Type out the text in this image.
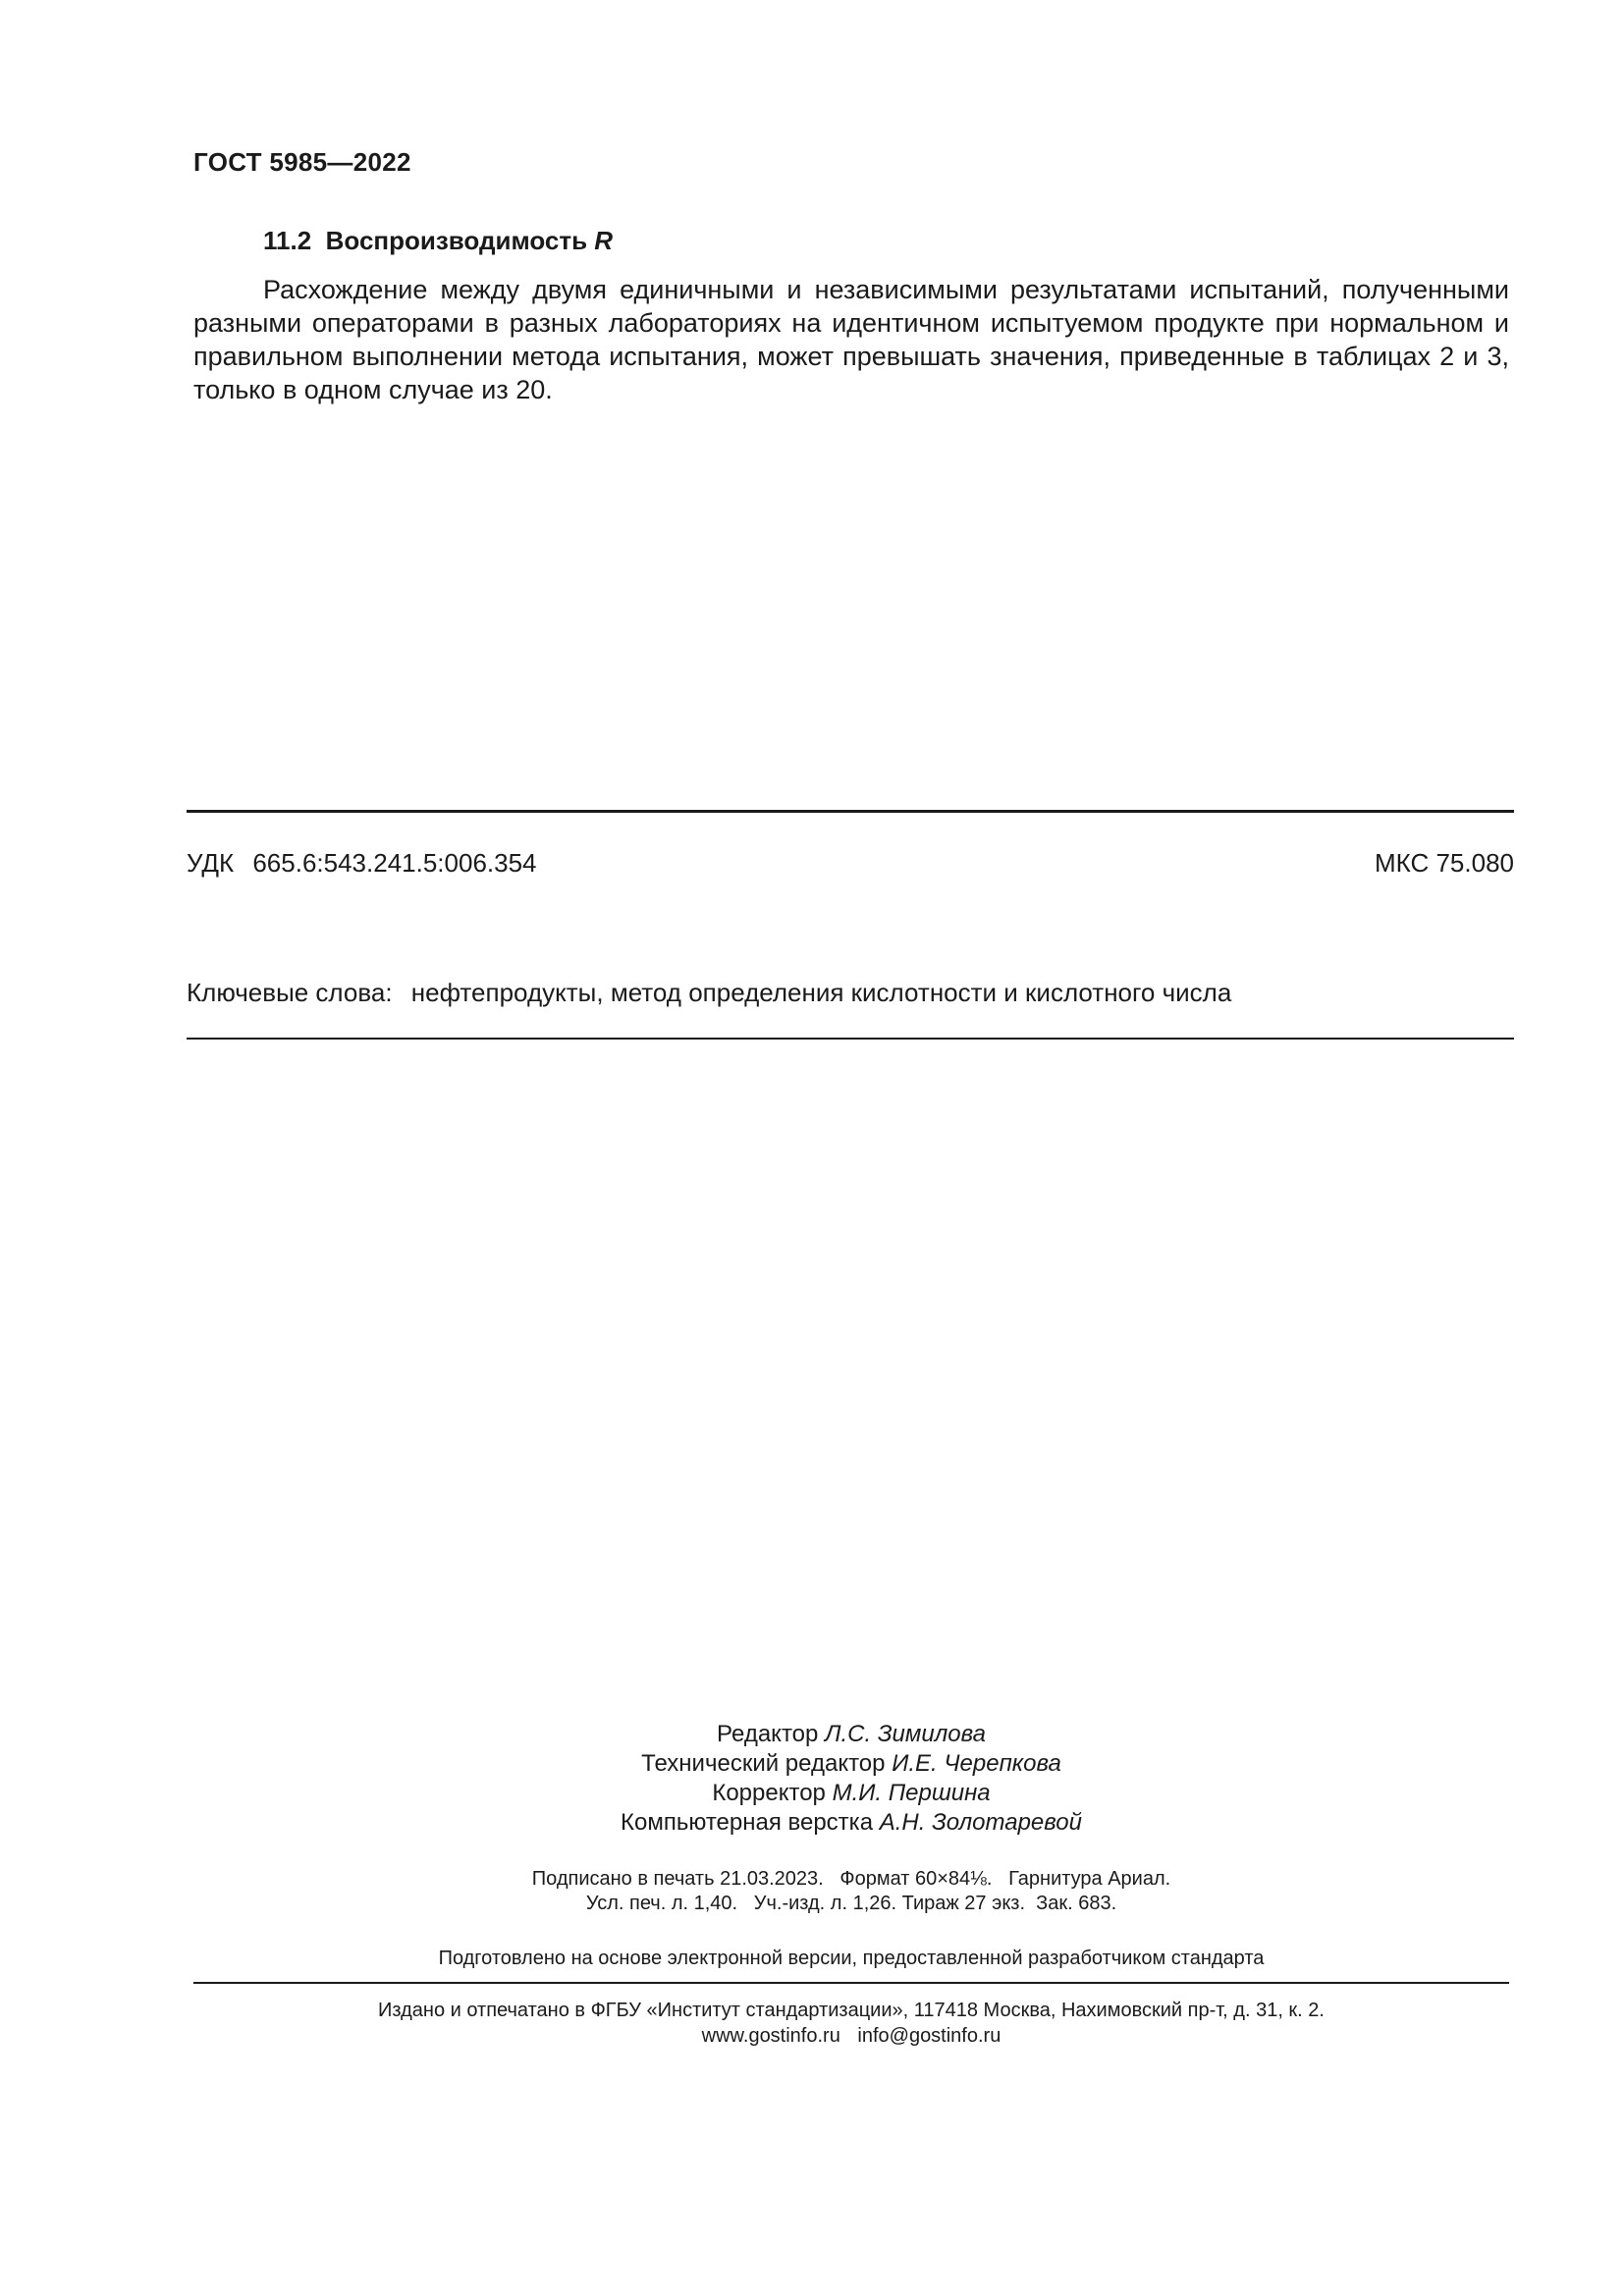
ГОСТ 5985—2022
11.2 Воспроизводимость R

Расхождение между двумя единичными и независимыми результатами испытаний, полученными разными операторами в разных лабораториях на идентичном испытуемом продукте при нормальном и правильном выполнении метода испытания, может превышать значения, приведенные в таблицах 2 и 3, только в одном случае из 20.

УДК 665.6:543.241.5:006.354	МКС 75.080
Ключевые слова: нефтепродукты, метод определения кислотности и кислотного числа
Редактор Л.С. Зимилова
Технический редактор И.Е. Черепкова
Корректор М.И. Першина
Компьютерная верстка А.Н. Золотаревой
Подписано в печать 21.03.2023.   Формат 60×84⅛.   Гарнитура Ариал.
Усл. печ. л. 1,40.   Уч.-изд. л. 1,26. Тираж 27 экз.  Зак. 683.
Подготовлено на основе электронной версии, предоставленной разработчиком стандарта
Издано и отпечатано в ФГБУ «Институт стандартизации», 117418 Москва, Нахимовский пр-т, д. 31, к. 2.
www.gostinfo.ru info@gostinfo.ru
